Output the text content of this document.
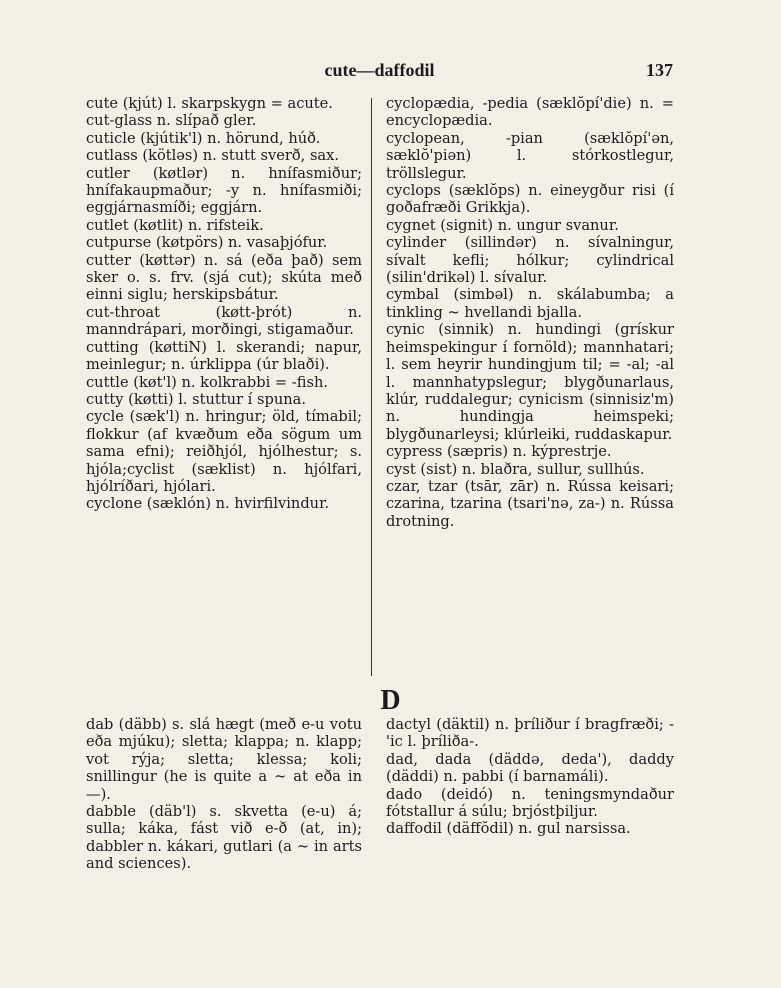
cute—daffodil	137

cute (kjút) l. skarpskygn = acute.

cut-glass n. slípað gler.

cuticle (kjútik'l) n. hörund, húð.

cutlass (kötləs) n. stutt sverð, sax.

cutler (køtlər) n. hnífasmiður; hnífakaupmaður; -y n. hnífasmiði; eggjárnasmíði; eggjárn.

cutlet (køtlit) n. rifsteik.

cutpurse (køtpörs) n. vasaþjófur.

cutter (køttər) n. sá (eða það) sem sker o. s. frv. (sjá cut); skúta með einni siglu; herskipsbátur.

cut-throat (køtt-þrót) n. manndrápari, morðingi, stigamaður.

cutting (køttiN) l. skerandi; napur, meinlegur; n. úrklippa (úr blaði).

cuttle (køt'l) n. kolkrabbi = -fish.

cutty (køtti) l. stuttur í spuna.

cycle (sæk'l) n. hringur; öld, tímabil; flokkur (af kvæðum eða sögum um sama efni); reiðhjól, hjólhestur; s. hjóla;cyclist (sæklist) n. hjólfari, hjólríðari, hjólari.

cyclone (sæklón) n. hvirfilvindur.

cyclopædia, -pedia (sæklŏpí'die) n. = encyclopædia.

cyclopean, -pian (sæklŏpí'ən, sæklŏ'piən) l. stórkostlegur, tröllslegur.

cyclops (sæklŏps) n. eineygður risi (í goðafræði Grikkja).

cygnet (signit) n. ungur svanur.

cylinder (sillindər) n. sívalningur, sívalt kefli; hólkur; cylindrical (silin'drikəl) l. sívalur.

cymbal (simbəl) n. skálabumba; a tinkling ~ hvellandi bjalla.

cynic (sinnik) n. hundingi (grískur heimspekingur í fornöld); mannhatari; l. sem heyrir hundingjum til; = -al; -al l. mannhatурslegur; blygðunarlaus, klúr, ruddalegur; cynicism (sinnisiz'm) n. hundingja heimspeki; blygðunarleysi; klúrleiki, ruddaskapur.

cypress (sæpris) n. kýprestrje.

cyst (sist) n. blaðra, sullur, sullhús.

czar, tzar (tsār, zār) n. Rússa keisari; czarina, tzarina (tsari'nə, za-) n. Rússa drotning.

D

dab (däbb) s. slá hægt (með e-u votu eða mjúku); sletta; klappa; n. klapp; vot rýja; sletta; klessa; koli; snillingur (he is quite a ~ at eða in —).

dabble (däb'l) s. skvetta (e-u) á; sulla; káka, fást við e-ð (at, in); dabbler n. kákari, gutlari (a ~ in arts and sciences).

dactyl (däktil) n. þríliður í bragfræði; -'ic l. þríliða-.

dad, dada (däddə, deda'), daddy (däddi) n. pabbi (í barnamáli).

dado (deidó) n. teningsmyndaður fótstallur á súlu; brjóstþiljur.

daffodil (däffŏdil) n. gul narsissa.
